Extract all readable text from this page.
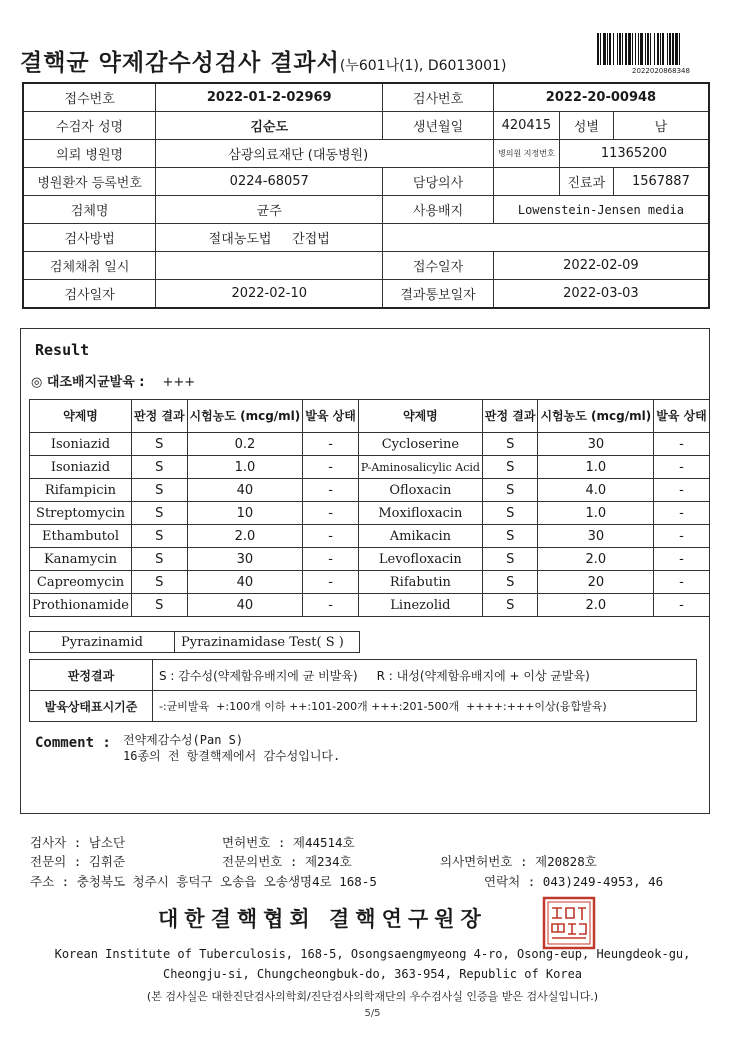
결핵균 약제감수성검사 결과서(누601나(1), D6013001)	2022020868348
접수번호	2022-01-2-02969	검사번호	2022-20-00948		
수검자 성명	김순도	생년월일	420415	성별	남
의뢰 병원명	삼광의료재단 (대동병원)		병의원 지정번호	11365200	
병원환자 등록번호	0224-68057	담당의사		진료과	1567887
검체명	균주	사용배지	Lowenstein-Jensen media		
검사방법	절대농도법 간접법				
검체채취 일시		접수일자	2022-02-09		
검사일자	2022-02-10	결과통보일자	2022-03-03		
Result
◎ 대조배지균발육 : +++
약제명	판정 결과	시험농도 (mcg/ml)	발육 상태	약제명	판정 결과	시험농도 (mcg/ml)	발육 상태
Isoniazid	S	0.2	-	Cycloserine	S	30	-
Isoniazid	S	1.0	-	P-Aminosalicylic Acid	S	1.0	-
Rifampicin	S	40	-	Ofloxacin	S	4.0	-
Streptomycin	S	10	-	Moxifloxacin	S	1.0	-
Ethambutol	S	2.0	-	Amikacin	S	30	-
Kanamycin	S	30	-	Levofloxacin	S	2.0	-
Capreomycin	S	40	-	Rifabutin	S	20	-
Prothionamide	S	40	-	Linezolid	S	2.0	-
Pyrazinamid	Pyrazinamidase Test( S )
판정결과	S : 감수성(약제함유배지에 균 비발육)     R : 내성(약제함유배지에 + 이상 균발육)
발육상태표시기준	-:균비발육  +:100개 이하 ++:101-200개 +++:201-500개  ++++:+++이상(융합발육)
Comment : 전약제감수성(Pan S)
16종의 전 항결핵제에서 감수성입니다.
검사자 : 남소단	면허번호 : 제44514호
전문의 : 김휘준	전문의번호 : 제234호	의사면허번호 : 제20828호
주소 : 충청북도 청주시 흥덕구 오송읍 오송생명4로 168-5	연락처 : 043)249-4953, 46
대한결핵협회 결핵연구원장
Korean Institute of Tuberculosis, 168-5, Osongsaengmyeong 4-ro, Osong-eup, Heungdeok-gu,
Cheongju-si, Chungcheongbuk-do, 363-954, Republic of Korea
(본 검사실은 대한진단검사의학회/진단검사의학재단의 우수검사실 인증을 받은 검사실입니다.)
5/5
